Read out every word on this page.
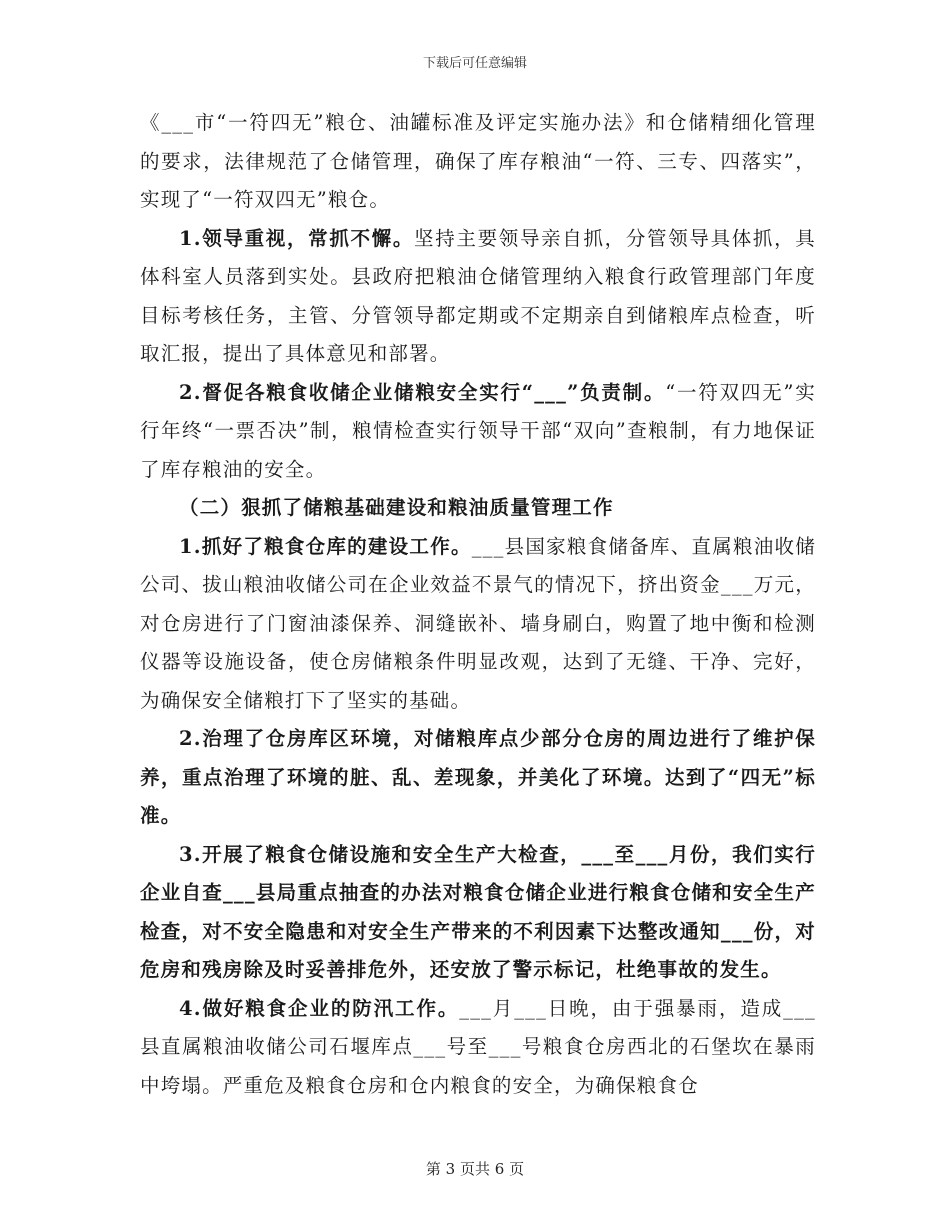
下载后可任意编辑

《___市“一符四无”粮仓、油罐标准及评定实施办法》和仓储精细化管理的要求，法律规范了仓储管理，确保了库存粮油“一符、三专、四落实”，实现了“一符双四无”粮仓。

1.领导重视，常抓不懈。坚持主要领导亲自抓，分管领导具体抓，具体科室人员落到实处。县政府把粮油仓储管理纳入粮食行政管理部门年度目标考核任务，主管、分管领导都定期或不定期亲自到储粮库点检查，听取汇报，提出了具体意见和部署。

2.督促各粮食收储企业储粮安全实行“___”负责制。“一符双四无”实行年终“一票否决”制，粮情检查实行领导干部“双向”查粮制，有力地保证了库存粮油的安全。

（二）狠抓了储粮基础建设和粮油质量管理工作

1.抓好了粮食仓库的建设工作。___县国家粮食储备库、直属粮油收储公司、拔山粮油收储公司在企业效益不景气的情况下，挤出资金___万元，对仓房进行了门窗油漆保养、洞缝嵌补、墙身刷白，购置了地中衡和检测仪器等设施设备，使仓房储粮条件明显改观，达到了无缝、干净、完好，为确保安全储粮打下了坚实的基础。

2.治理了仓房库区环境，对储粮库点少部分仓房的周边进行了维护保养，重点治理了环境的脏、乱、差现象，并美化了环境。达到了“四无”标准。

3.开展了粮食仓储设施和安全生产大检查，___至___月份，我们实行企业自查___县局重点抽查的办法对粮食仓储企业进行粮食仓储和安全生产检查，对不安全隐患和对安全生产带来的不利因素下达整改通知___份，对危房和残房除及时妥善排危外，还安放了警示标记，杜绝事故的发生。

4.做好粮食企业的防汛工作。___月___日晚，由于强暴雨，造成___县直属粮油收储公司石堰库点___号至___号粮食仓房西北的石堡坎在暴雨中垮塌。严重危及粮食仓房和仓内粮食的安全，为确保粮食仓

第 3 页共 6 页
